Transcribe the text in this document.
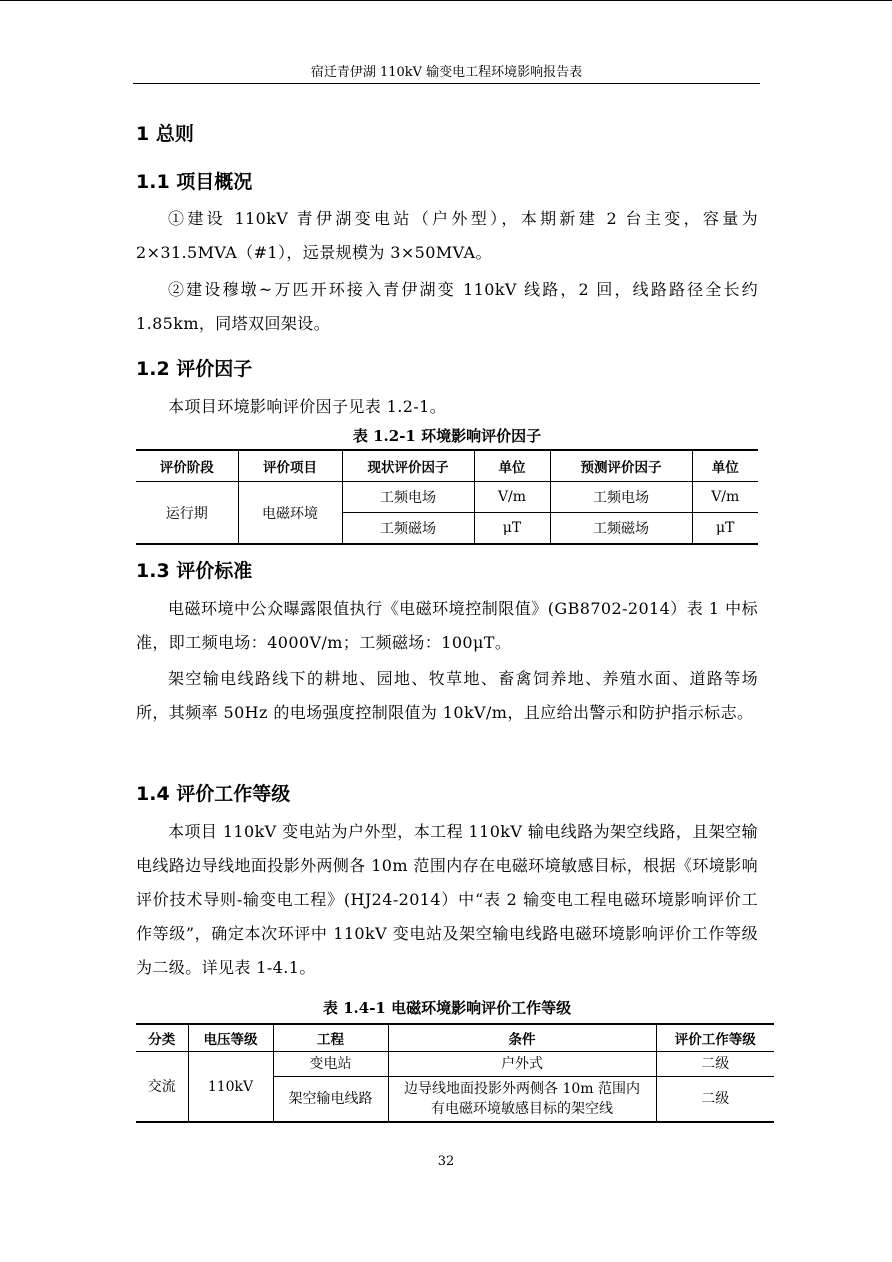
宿迁青伊湖 110kV 输变电工程环境影响报告表
1 总则
1.1 项目概况
①建设 110kV 青伊湖变电站（户外型），本期新建 2 台主变，容量为 2×31.5MVA（#1），远景规模为 3×50MVA。
②建设穆墩~万匹开环接入青伊湖变 110kV 线路，2 回，线路路径全长约 1.85km，同塔双回架设。
1.2 评价因子
本项目环境影响评价因子见表 1.2-1。
表 1.2-1 环境影响评价因子
评价阶段	评价项目	现状评价因子	单位	预测评价因子	单位
运行期	电磁环境	工频电场	V/m	工频电场	V/m
		工频磁场	μT	工频磁场	μT
1.3 评价标准
电磁环境中公众曝露限值执行《电磁环境控制限值》(GB8702-2014）表 1 中标准，即工频电场：4000V/m；工频磁场：100μT。
架空输电线路线下的耕地、园地、牧草地、畜禽饲养地、养殖水面、道路等场所，其频率 50Hz 的电场强度控制限值为 10kV/m，且应给出警示和防护指示标志。
1.4 评价工作等级
本项目 110kV 变电站为户外型，本工程 110kV 输电线路为架空线路，且架空输电线路边导线地面投影外两侧各 10m 范围内存在电磁环境敏感目标，根据《环境影响评价技术导则-输变电工程》(HJ24-2014）中“表 2 输变电工程电磁环境影响评价工作等级”，确定本次环评中 110kV 变电站及架空输电线路电磁环境影响评价工作等级为二级。详见表 1-4.1。
表 1.4-1 电磁环境影响评价工作等级
分类	电压等级	工程	条件	评价工作等级
交流	110kV	变电站	户外式	二级
		架空输电线路	边导线地面投影外两侧各 10m 范围内有电磁环境敏感目标的架空线	二级
32
